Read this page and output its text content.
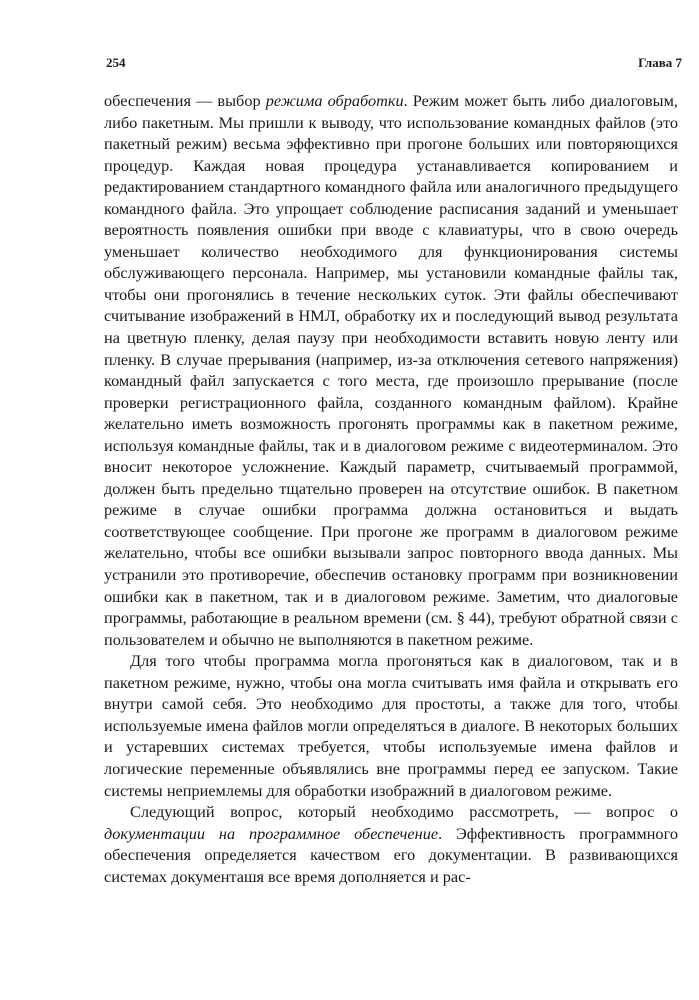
254	Глава 7

обеспечения — выбор режима обработки. Режим может быть либо диалоговым, либо пакетным. Мы пришли к выводу, что использование командных файлов (это пакетный режим) весьма эффективно при прогоне больших или повторяющихся процедур. Каждая новая процедура устанавливается копированием и редактированием стандартного командного файла или аналогичного предыдущего командного файла. Это упрощает соблюдение расписания заданий и уменьшает вероятность появления ошибки при вводе с клавиатуры, что в свою очередь уменьшает количество необходимого для функционирования системы обслуживающего персонала. Например, мы установили командные файлы так, чтобы они прогонялись в течение нескольких суток. Эти файлы обеспечивают считывание изображений в НМЛ, обработку их и последующий вывод результата на цветную пленку, делая паузу при необходимости вставить новую ленту или пленку. В случае прерывания (например, из-за отключения сетевого напряжения) командный файл запускается с того места, где произошло прерывание (после проверки регистрационного файла, созданного командным файлом). Крайне желательно иметь возможность прогонять программы как в пакетном режиме, используя командные файлы, так и в диалоговом режиме с видеотерминалом. Это вносит некоторое усложнение. Каждый параметр, считываемый программой, должен быть предельно тщательно проверен на отсутствие ошибок. В пакетном режиме в случае ошибки программа должна остановиться и выдать соответствующее сообщение. При прогоне же программ в диалоговом режиме желательно, чтобы все ошибки вызывали запрос повторного ввода данных. Мы устранили это противоречие, обеспечив остановку программ при возникновении ошибки как в пакетном, так и в диалоговом режиме. Заметим, что диалоговые программы, работающие в реальном времени (см. § 44), требуют обратной связи с пользователем и обычно не выполняются в пакетном режиме.

Для того чтобы программа могла прогоняться как в диалоговом, так и в пакетном режиме, нужно, чтобы она могла считывать имя файла и открывать его внутри самой себя. Это необходимо для простоты, а также для того, чтобы используемые имена файлов могли определяться в диалоге. В некоторых больших и устаревших системах требуется, чтобы используемые имена файлов и логические переменные объявлялись вне программы перед ее запуском. Такие системы неприемлемы для обработки изображний в диалоговом режиме.

Следующий вопрос, который необходимо рассмотреть, — вопрос о документации на программное обеспечение. Эффективность программного обеспечения определяется качеством его документации. В развивающихся системах документашя все время дополняется и рас-
